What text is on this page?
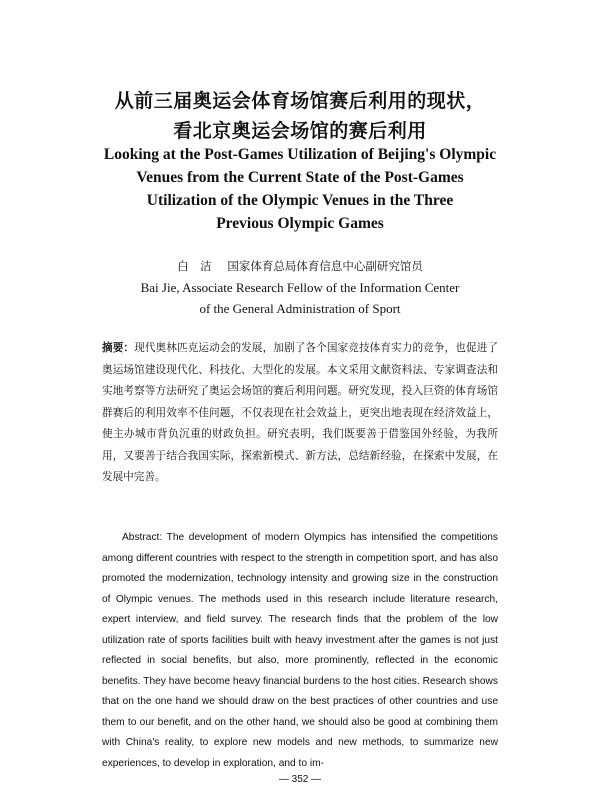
从前三届奥运会体育场馆赛后利用的现状，
看北京奥运会场馆的赛后利用
Looking at the Post-Games Utilization of Beijing's Olympic
Venues from the Current State of the Post-Games
Utilization of the Olympic Venues in the Three
Previous Olympic Games
白　洁 国家体育总局体育信息中心副研究馆员
Bai Jie, Associate Research Fellow of the Information Center
of the General Administration of Sport
摘要：现代奥林匹克运动会的发展，加剧了各个国家竞技体育实力的竞争，也促进了奥运场馆建设现代化、科技化、大型化的发展。本文采用文献资料法、专家调查法和实地考察等方法研究了奥运会场馆的赛后利用问题。研究发现，投入巨资的体育场馆群赛后的利用效率不佳问题，不仅表现在社会效益上，更突出地表现在经济效益上，使主办城市背负沉重的财政负担。研究表明，我们既要善于借鉴国外经验，为我所用，又要善于结合我国实际，探索新模式、新方法，总结新经验，在探索中发展，在发展中完善。
Abstract: The development of modern Olympics has intensified the competitions among different countries with respect to the strength in competition sport, and has also promoted the modernization, technology intensity and growing size in the construction of Olympic venues. The methods used in this research include literature research, expert interview, and field survey. The research finds that the problem of the low utilization rate of sports facilities built with heavy investment after the games is not just reflected in social benefits, but also, more prominently, reflected in the economic benefits. They have become heavy financial burdens to the host cities. Research shows that on the one hand we should draw on the best practices of other countries and use them to our benefit, and on the other hand, we should also be good at combining them with China's reality, to explore new models and new methods, to summarize new experiences, to develop in exploration, and to im-
— 352 —
